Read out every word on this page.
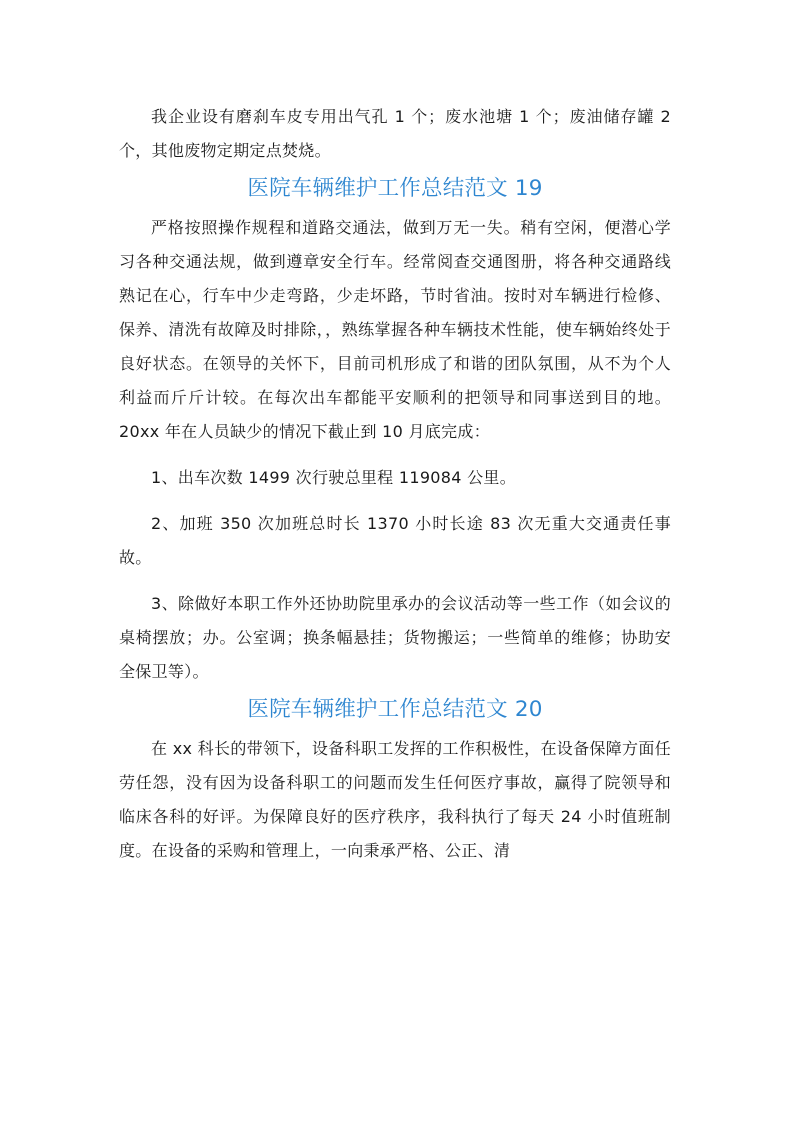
我企业设有磨刹车皮专用出气孔 1 个；废水池塘 1 个；废油储存罐 2 个，其他废物定期定点焚烧。

医院车辆维护工作总结范文 19

严格按照操作规程和道路交通法，做到万无一失。稍有空闲，便潜心学习各种交通法规，做到遵章安全行车。经常阅查交通图册，将各种交通路线熟记在心，行车中少走弯路，少走坏路，节时省油。按时对车辆进行检修、保养、清洗有故障及时排除，，熟练掌握各种车辆技术性能，使车辆始终处于良好状态。在领导的关怀下，目前司机形成了和谐的团队氛围，从不为个人利益而斤斤计较。在每次出车都能平安顺利的把领导和同事送到目的地。 20xx 年在人员缺少的情况下截止到 10 月底完成：

1、出车次数 1499 次行驶总里程 119084 公里。

2、加班 350 次加班总时长 1370 小时长途 83 次无重大交通责任事故。

3、除做好本职工作外还协助院里承办的会议活动等一些工作（如会议的桌椅摆放；办。公室调；换条幅悬挂；货物搬运；一些简单的维修；协助安全保卫等）。

医院车辆维护工作总结范文 20

在 xx 科长的带领下，设备科职工发挥的工作积极性，在设备保障方面任劳任怨，没有因为设备科职工的问题而发生任何医疗事故，赢得了院领导和临床各科的好评。为保障良好的医疗秩序，我科执行了每天 24 小时值班制度。在设备的采购和管理上，一向秉承严格、公正、清
